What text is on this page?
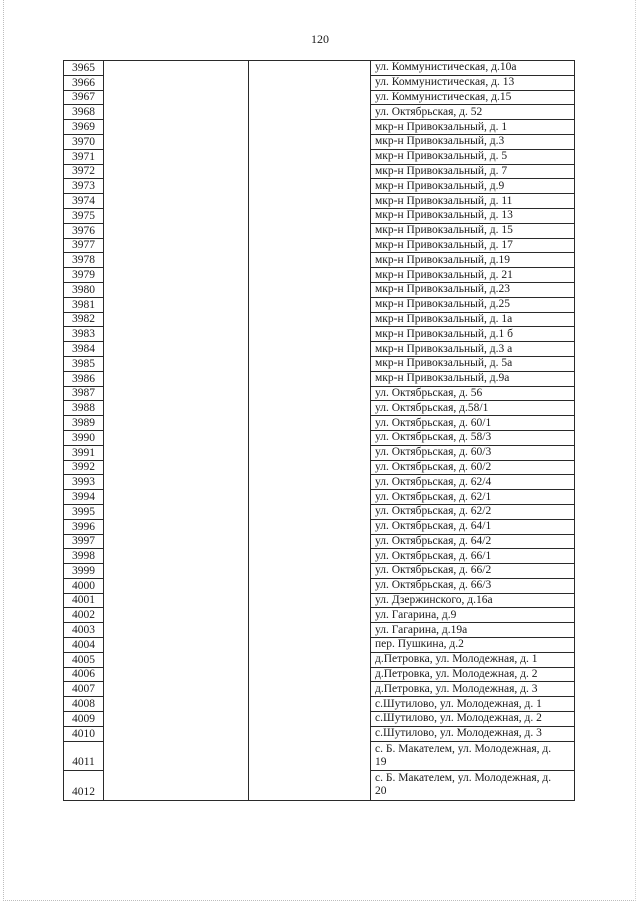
120
3965			ул. Коммунистическая, д.10а
3966			ул. Коммунистическая, д. 13
3967			ул. Коммунистическая, д.15
3968			ул. Октябрьская, д. 52
3969			мкр-н Привокзальный, д. 1
3970			мкр-н Привокзальный, д.3
3971			мкр-н Привокзальный, д. 5
3972			мкр-н Привокзальный, д. 7
3973			мкр-н Привокзальный, д.9
3974			мкр-н Привокзальный, д. 11
3975			мкр-н Привокзальный, д. 13
3976			мкр-н Привокзальный, д. 15
3977			мкр-н Привокзальный, д. 17
3978			мкр-н Привокзальный, д.19
3979			мкр-н Привокзальный, д. 21
3980			мкр-н Привокзальный, д.23
3981			мкр-н Привокзальный, д.25
3982			мкр-н Привокзальный, д. 1а
3983			мкр-н Привокзальный, д.1 б
3984			мкр-н Привокзальный, д.3 а
3985			мкр-н Привокзальный, д. 5а
3986			мкр-н Привокзальный, д.9а
3987			ул. Октябрьская, д. 56
3988			ул. Октябрьская, д.58/1
3989			ул. Октябрьская, д. 60/1
3990			ул. Октябрьская, д. 58/3
3991			ул. Октябрьская, д. 60/3
3992			ул. Октябрьская, д. 60/2
3993			ул. Октябрьская, д. 62/4
3994			ул. Октябрьская, д. 62/1
3995			ул. Октябрьская, д. 62/2
3996			ул. Октябрьская, д. 64/1
3997			ул. Октябрьская, д. 64/2
3998			ул. Октябрьская, д. 66/1
3999			ул. Октябрьская, д. 66/2
4000			ул. Октябрьская, д. 66/3
4001			ул. Дзержинского, д.16а
4002			ул. Гагарина, д.9
4003			ул. Гагарина, д.19а
4004			пер. Пушкина, д.2
4005			д.Петровка, ул. Молодежная, д. 1
4006			д.Петровка, ул. Молодежная, д. 2
4007			д.Петровка, ул. Молодежная, д. 3
4008			с.Шутилово, ул. Молодежная, д. 1
4009			с.Шутилово, ул. Молодежная, д. 2
4010			с.Шутилово, ул. Молодежная, д. 3
4011			с. Б. Макателем, ул. Молодежная, д.
19

4012			с. Б. Макателем, ул. Молодежная, д.
20
